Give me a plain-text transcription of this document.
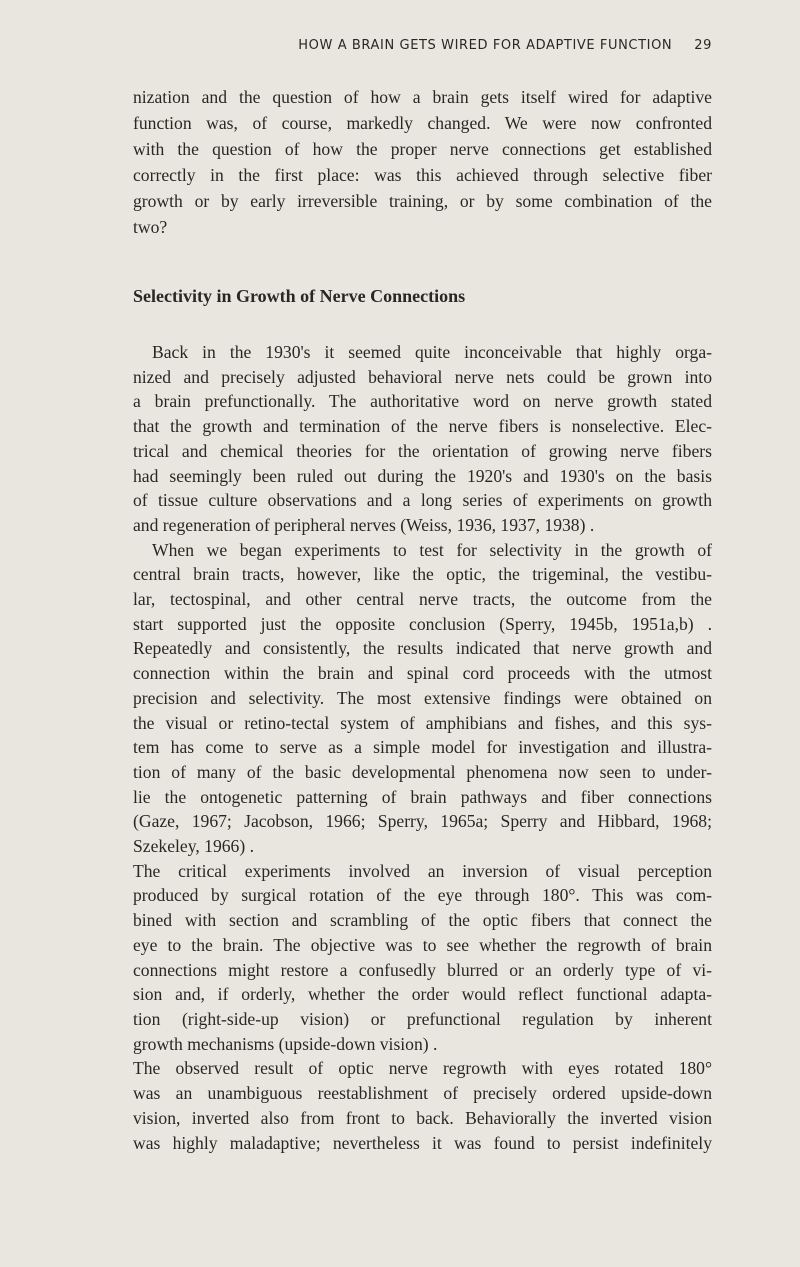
HOW A BRAIN GETS WIRED FOR ADAPTIVE FUNCTION 29
nization and the question of how a brain gets itself wired for adaptive
function was, of course, markedly changed. We were now confronted
with the question of how the proper nerve connections get established
correctly in the first place: was this achieved through selective fiber
growth or by early irreversible training, or by some combination of the
two?
Selectivity in Growth of Nerve Connections
Back in the 1930's it seemed quite inconceivable that highly orga-
nized and precisely adjusted behavioral nerve nets could be grown into
a brain prefunctionally. The authoritative word on nerve growth stated
that the growth and termination of the nerve fibers is nonselective. Elec-
trical and chemical theories for the orientation of growing nerve fibers
had seemingly been ruled out during the 1920's and 1930's on the basis
of tissue culture observations and a long series of experiments on growth
and regeneration of peripheral nerves (Weiss, 1936, 1937, 1938) .
When we began experiments to test for selectivity in the growth of
central brain tracts, however, like the optic, the trigeminal, the vestibu-
lar, tectospinal, and other central nerve tracts, the outcome from the
start supported just the opposite conclusion (Sperry, 1945b, 1951a,b) .
Repeatedly and consistently, the results indicated that nerve growth and
connection within the brain and spinal cord proceeds with the utmost
precision and selectivity. The most extensive findings were obtained on
the visual or retino-tectal system of amphibians and fishes, and this sys-
tem has come to serve as a simple model for investigation and illustra-
tion of many of the basic developmental phenomena now seen to under-
lie the ontogenetic patterning of brain pathways and fiber connections
(Gaze, 1967; Jacobson, 1966; Sperry, 1965a; Sperry and Hibbard, 1968;
Szekeley, 1966) .
The critical experiments involved an inversion of visual perception
produced by surgical rotation of the eye through 180°. This was com-
bined with section and scrambling of the optic fibers that connect the
eye to the brain. The objective was to see whether the regrowth of brain
connections might restore a confusedly blurred or an orderly type of vi-
sion and, if orderly, whether the order would reflect functional adapta-
tion (right-side-up vision) or prefunctional regulation by inherent
growth mechanisms (upside-down vision) .
The observed result of optic nerve regrowth with eyes rotated 180°
was an unambiguous reestablishment of precisely ordered upside-down
vision, inverted also from front to back. Behaviorally the inverted vision
was highly maladaptive; nevertheless it was found to persist indefinitely
